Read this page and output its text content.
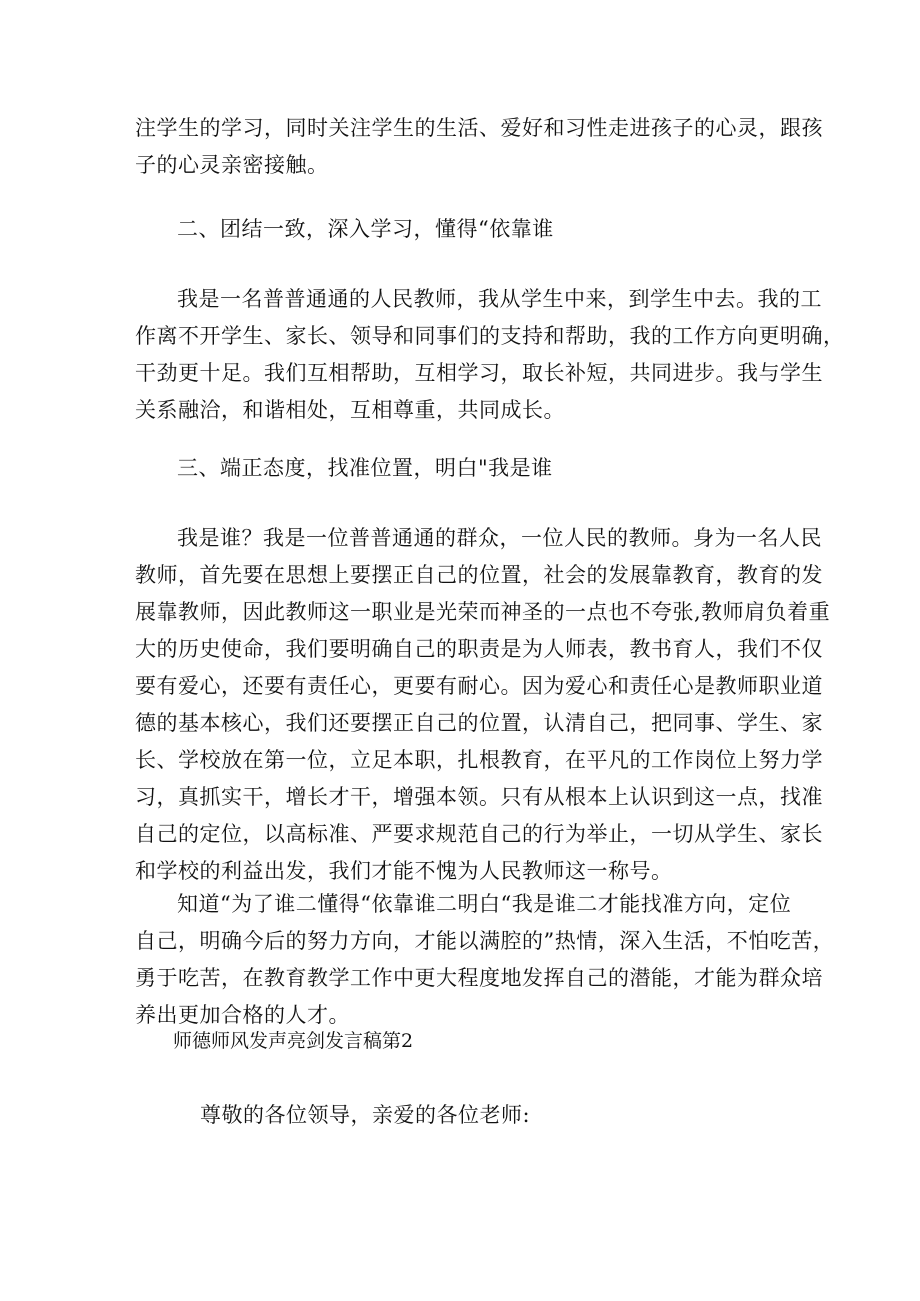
注学生的学习，同时关注学生的生活、爱好和习性走进孩子的心灵，跟孩
子的心灵亲密接触。

二、团结一致，深入学习，懂得“依靠谁

我是一名普普通通的人民教师，我从学生中来，到学生中去。我的工
作离不开学生、家长、领导和同事们的支持和帮助，我的工作方向更明确，
干劲更十足。我们互相帮助，互相学习，取长补短，共同进步。我与学生
关系融洽，和谐相处，互相尊重，共同成长。

三、端正态度，找准位置，明白"我是谁

我是谁？我是一位普普通通的群众，一位人民的教师。身为一名人民
教师，首先要在思想上要摆正自己的位置，社会的发展靠教育，教育的发
展靠教师，因此教师这一职业是光荣而神圣的一点也不夸张,教师肩负着重
大的历史使命，我们要明确自己的职责是为人师表，教书育人，我们不仅
要有爱心，还要有责任心，更要有耐心。因为爱心和责任心是教师职业道
德的基本核心，我们还要摆正自己的位置，认清自己，把同事、学生、家
长、学校放在第一位，立足本职，扎根教育，在平凡的工作岗位上努力学
习，真抓实干，增长才干，增强本领。只有从根本上认识到这一点，找准
自己的定位，以高标准、严要求规范自己的行为举止，一切从学生、家长
和学校的利益出发，我们才能不愧为人民教师这一称号。

知道“为了谁二懂得“依靠谁二明白“我是谁二才能找准方向，定位
自己，明确今后的努力方向，才能以满腔的”热情，深入生活，不怕吃苦，
勇于吃苦，在教育教学工作中更大程度地发挥自己的潜能，才能为群众培
养出更加合格的人才。

师德师风发声亮剑发言稿第2

尊敬的各位领导，亲爱的各位老师:
